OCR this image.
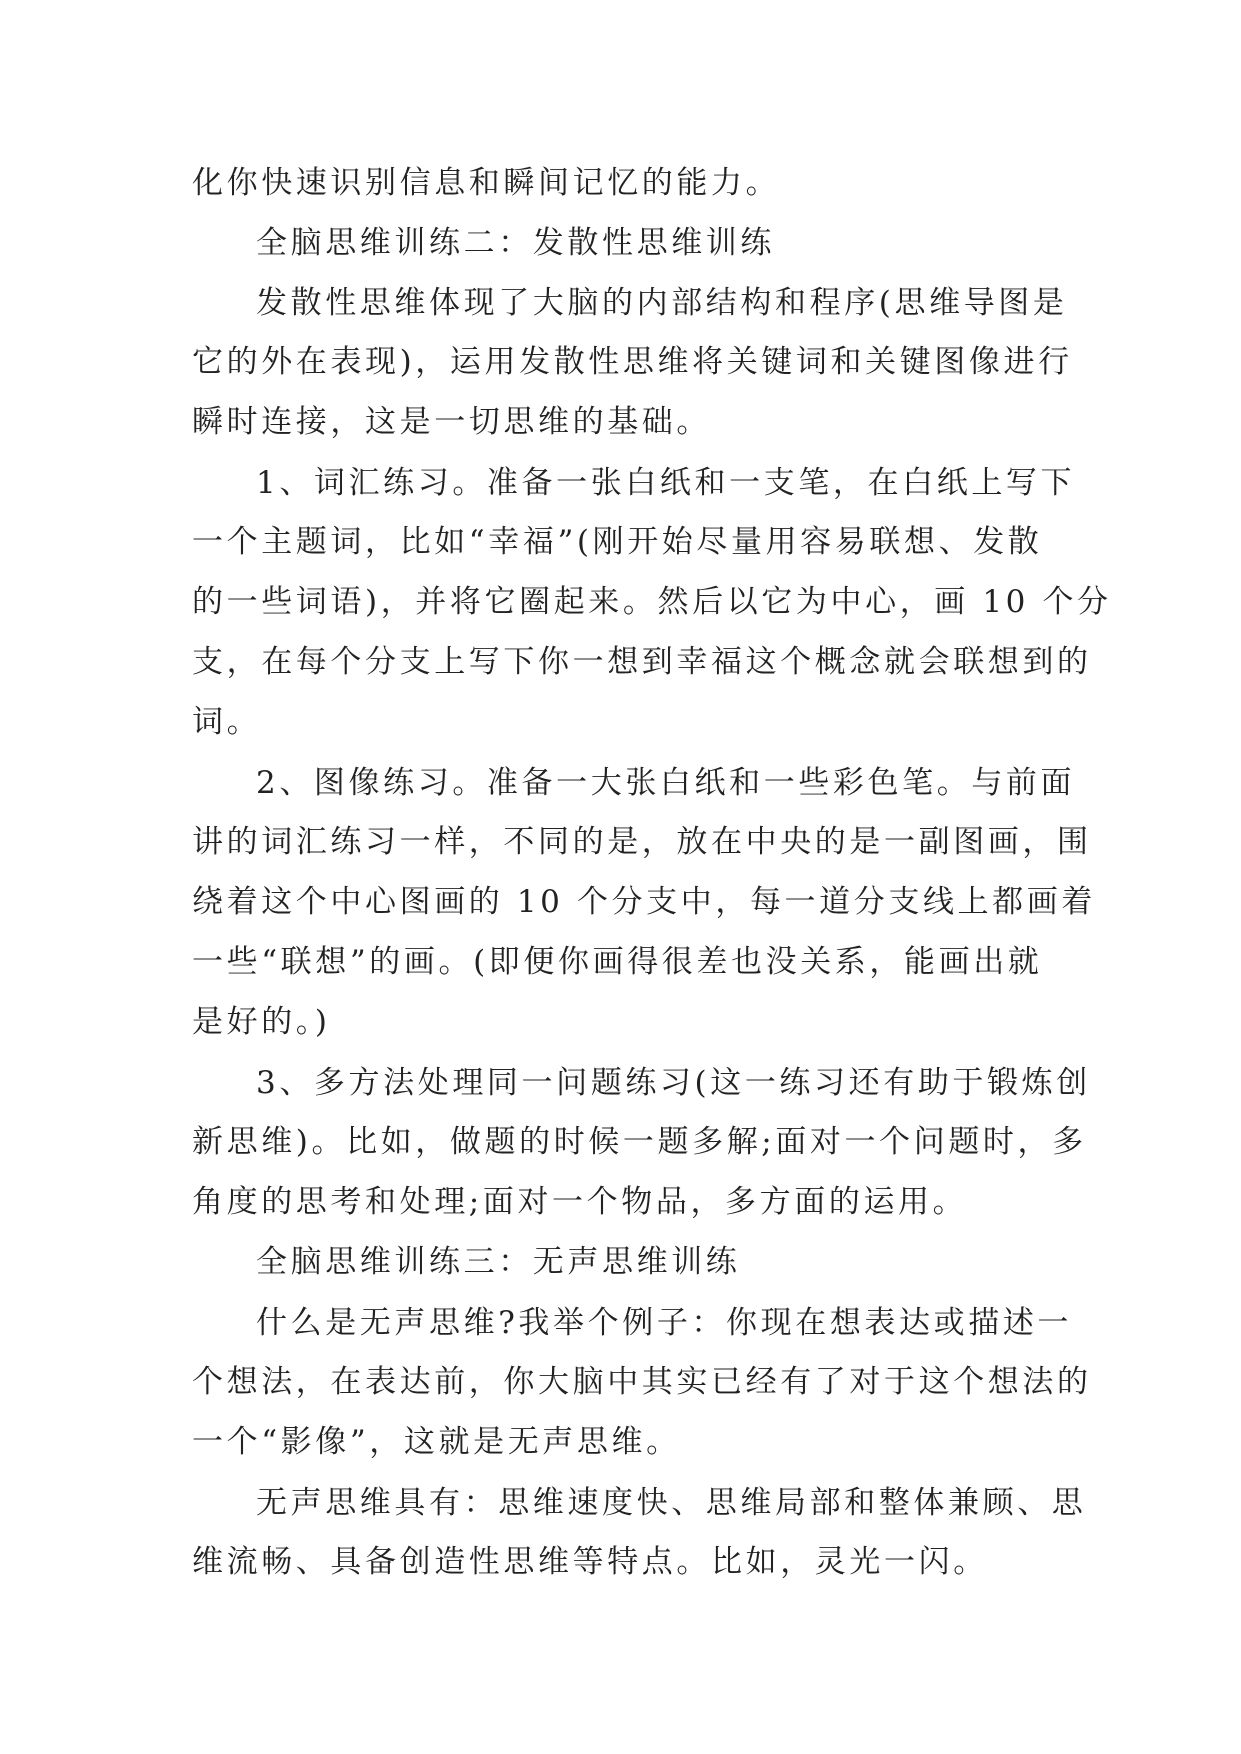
化你快速识别信息和瞬间记忆的能力。
全脑思维训练二：发散性思维训练
发散性思维体现了大脑的内部结构和程序(思维导图是
它的外在表现)，运用发散性思维将关键词和关键图像进行
瞬时连接，这是一切思维的基础。
1、词汇练习。准备一张白纸和一支笔，在白纸上写下
一个主题词，比如“幸福”(刚开始尽量用容易联想、发散
的一些词语)，并将它圈起来。然后以它为中心，画 10 个分
支，在每个分支上写下你一想到幸福这个概念就会联想到的
词。
2、图像练习。准备一大张白纸和一些彩色笔。与前面
讲的词汇练习一样，不同的是，放在中央的是一副图画，围
绕着这个中心图画的 10 个分支中，每一道分支线上都画着
一些“联想”的画。(即便你画得很差也没关系，能画出就
是好的。)
3、多方法处理同一问题练习(这一练习还有助于锻炼创
新思维)。比如，做题的时候一题多解;面对一个问题时，多
角度的思考和处理;面对一个物品，多方面的运用。
全脑思维训练三：无声思维训练
什么是无声思维?我举个例子：你现在想表达或描述一
个想法，在表达前，你大脑中其实已经有了对于这个想法的
一个“影像”，这就是无声思维。
无声思维具有：思维速度快、思维局部和整体兼顾、思
维流畅、具备创造性思维等特点。比如，灵光一闪。
